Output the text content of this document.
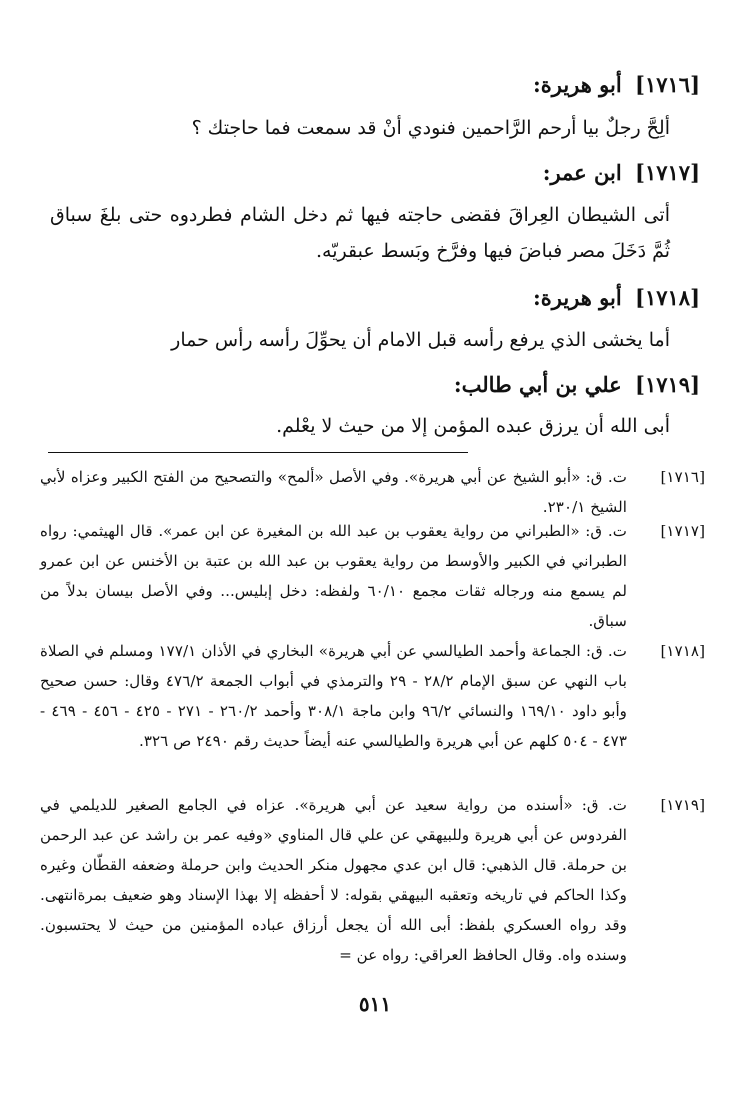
[١٧١٦] أبو هريرة:
ألِحَّ رجلٌ بيا أرحم الرَّاحمين فنودي أنْ قد سمعت فما حاجتك ؟
[١٧١٧] ابن عمر:
أتى الشيطان العِراقَ فقضى حاجته فيها ثم دخل الشام فطردوه حتى بلغَ سباق ثُمَّ دَخَلَ مصر فباضَ فيها وفرَّخ وبَسط عبقريّه.
[١٧١٨] أبو هريرة:
أما يخشى الذي يرفع رأسه قبل الامام أن يحوِّلَ رأسه رأس حمار
[١٧١٩] علي بن أبي طالب:
أبى الله أن يرزق عبده المؤمن إلا من حيث لا يعْلم.
[١٧١٦]
ت. ق: «أبو الشيخ عن أبي هريرة». وفي الأصل «ألمح» والتصحيح من الفتح الكبير وعزاه لأبي الشيخ ٢٣٠/١.
[١٧١٧]
ت. ق: «الطبراني من رواية يعقوب بن عبد الله بن المغيرة عن ابن عمر». قال الهيثمي: رواه الطبراني في الكبير والأوسط من رواية يعقوب بن عبد الله بن عتبة بن الأخنس عن ابن عمرو لم يسمع منه ورجاله ثقات مجمع ٦٠/١٠ ولفظه: دخل إبليس... وفي الأصل بيسان بدلاً من سباق.
[١٧١٨]
ت. ق: الجماعة وأحمد الطيالسي عن أبي هريرة» البخاري في الأذان ١٧٧/١ ومسلم في الصلاة باب النهي عن سبق الإمام ٢٨/٢ - ٢٩ والترمذي في أبواب الجمعة ٤٧٦/٢ وقال: حسن صحيح وأبو داود ١٦٩/١٠ والنسائي ٩٦/٢ وابن ماجة ٣٠٨/١ وأحمد ٢٦٠/٢ - ٢٧١ - ٤٢٥ - ٤٥٦ - ٤٦٩ - ٤٧٣ - ٥٠٤ كلهم عن أبي هريرة والطيالسي عنه أيضاً حديث رقم ٢٤٩٠ ص ٣٢٦.
[١٧١٩]
ت. ق: «أسنده من رواية سعيد عن أبي هريرة». عزاه في الجامع الصغير للديلمي في الفردوس عن أبي هريرة وللبيهقي عن علي قال المناوي «وفيه عمر بن راشد عن عبد الرحمن بن حرملة. قال الذهبي: قال ابن عدي مجهول منكر الحديث وابن حرملة وضعفه القطّان وغيره وكذا الحاكم في تاريخه وتعقبه البيهقي بقوله: لا أحفظه إلا بهذا الإسناد وهو ضعيف بمرةانتهى. وقد رواه العسكري بلفظ: أبى الله أن يجعل أرزاق عباده المؤمنين من حيث لا يحتسبون. وسنده واه. وقال الحافظ العراقي: رواه عن =
٥١١
